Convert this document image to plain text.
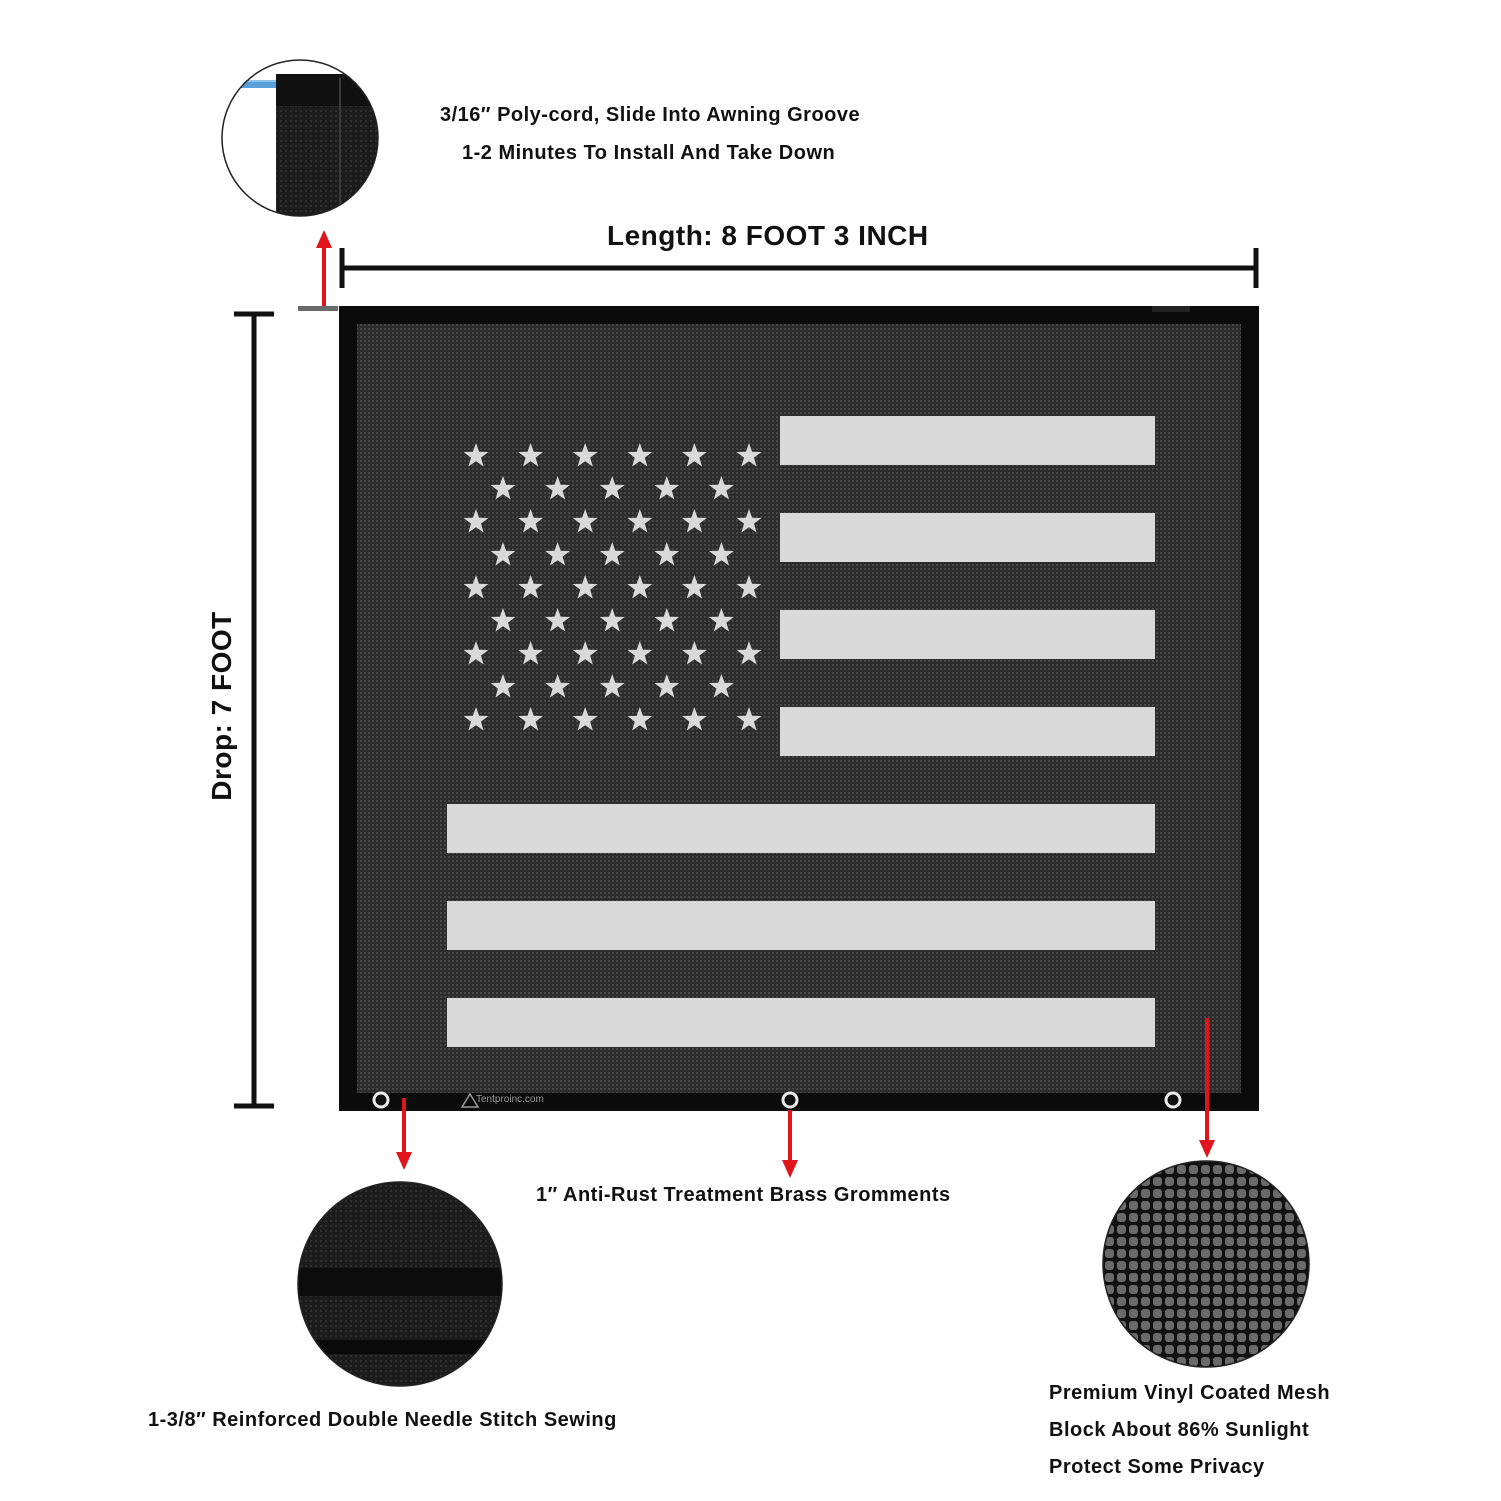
3/16″ Poly-cord, Slide Into Awning Groove
1-2 Minutes To Install And Take Down
Length: 8 FOOT 3 INCH
Drop: 7 FOOT
Tentproinc.com
1″ Anti-Rust Treatment Brass Gromments
1-3/8″ Reinforced Double Needle Stitch Sewing
Premium Vinyl Coated Mesh
Block About 86% Sunlight
Protect Some Privacy
